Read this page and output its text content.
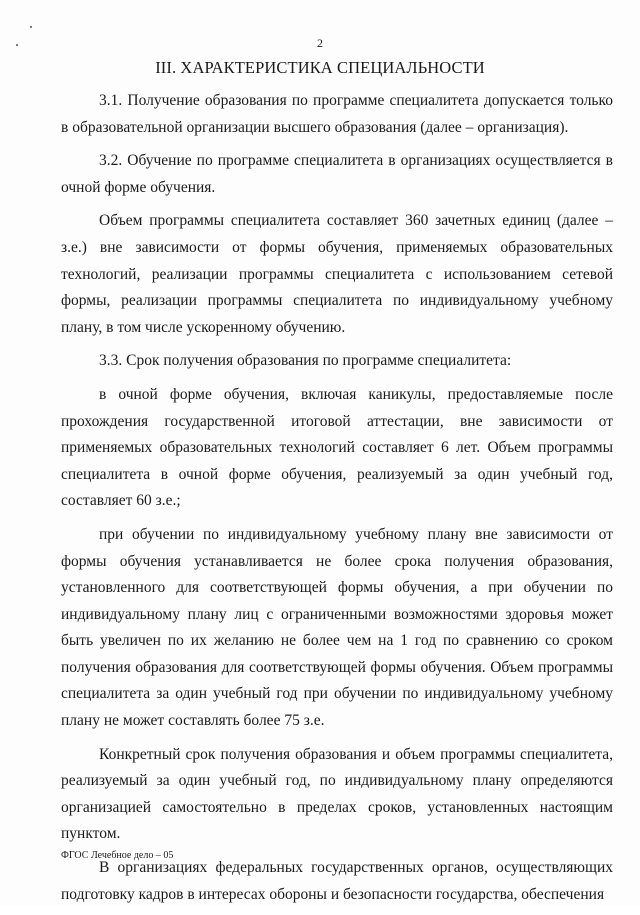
2
III. ХАРАКТЕРИСТИКА СПЕЦИАЛЬНОСТИ

3.1. Получение образования по программе специалитета допускается только в образовательной организации высшего образования (далее – организация).

3.2. Обучение по программе специалитета в организациях осуществляется в очной форме обучения.

Объем программы специалитета составляет 360 зачетных единиц (далее – з.е.) вне зависимости от формы обучения, применяемых образовательных технологий, реализации программы специалитета с использованием сетевой формы, реализации программы специалитета по индивидуальному учебному плану, в том числе ускоренному обучению.

3.3. Срок получения образования по программе специалитета:

в очной форме обучения, включая каникулы, предоставляемые после прохождения государственной итоговой аттестации, вне зависимости от применяемых образовательных технологий составляет 6 лет. Объем программы специалитета в очной форме обучения, реализуемый за один учебный год, составляет 60 з.е.;

при обучении по индивидуальному учебному плану вне зависимости от формы обучения устанавливается не более срока получения образования, установленного для соответствующей формы обучения, а при обучении по индивидуальному плану лиц с ограниченными возможностями здоровья может быть увеличен по их желанию не более чем на 1 год по сравнению со сроком получения образования для соответствующей формы обучения. Объем программы специалитета за один учебный год при обучении по индивидуальному учебному плану не может составлять более 75 з.е.

Конкретный срок получения образования и объем программы специалитета, реализуемый за один учебный год, по индивидуальному плану определяются организацией самостоятельно в пределах сроков, установленных настоящим пунктом.

В организациях федеральных государственных органов, осуществляющих подготовку кадров в интересах обороны и безопасности государства, обеспечения

ФГОС Лечебное дело – 05
